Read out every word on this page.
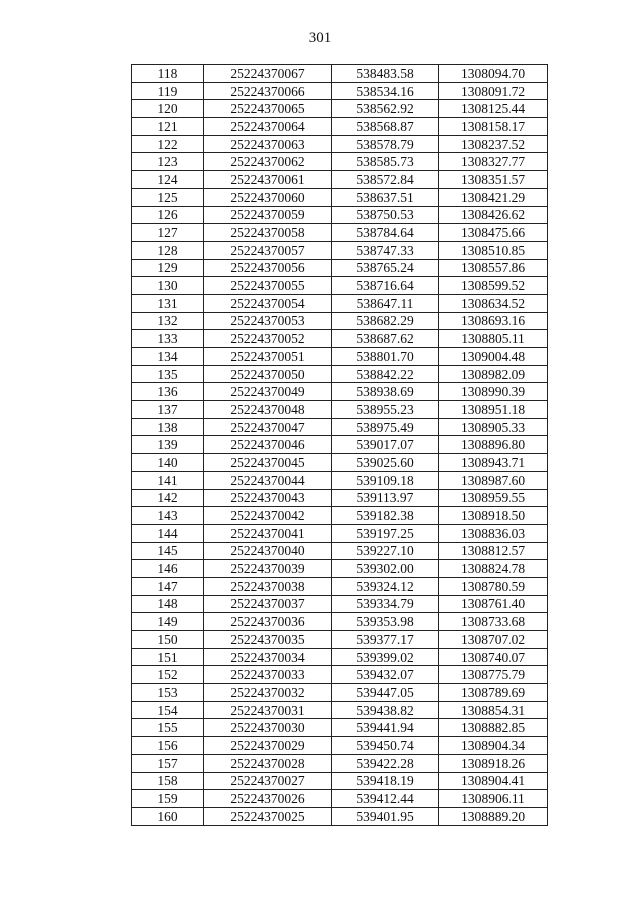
301
118	25224370067	538483.58	1308094.70
119	25224370066	538534.16	1308091.72
120	25224370065	538562.92	1308125.44
121	25224370064	538568.87	1308158.17
122	25224370063	538578.79	1308237.52
123	25224370062	538585.73	1308327.77
124	25224370061	538572.84	1308351.57
125	25224370060	538637.51	1308421.29
126	25224370059	538750.53	1308426.62
127	25224370058	538784.64	1308475.66
128	25224370057	538747.33	1308510.85
129	25224370056	538765.24	1308557.86
130	25224370055	538716.64	1308599.52
131	25224370054	538647.11	1308634.52
132	25224370053	538682.29	1308693.16
133	25224370052	538687.62	1308805.11
134	25224370051	538801.70	1309004.48
135	25224370050	538842.22	1308982.09
136	25224370049	538938.69	1308990.39
137	25224370048	538955.23	1308951.18
138	25224370047	538975.49	1308905.33
139	25224370046	539017.07	1308896.80
140	25224370045	539025.60	1308943.71
141	25224370044	539109.18	1308987.60
142	25224370043	539113.97	1308959.55
143	25224370042	539182.38	1308918.50
144	25224370041	539197.25	1308836.03
145	25224370040	539227.10	1308812.57
146	25224370039	539302.00	1308824.78
147	25224370038	539324.12	1308780.59
148	25224370037	539334.79	1308761.40
149	25224370036	539353.98	1308733.68
150	25224370035	539377.17	1308707.02
151	25224370034	539399.02	1308740.07
152	25224370033	539432.07	1308775.79
153	25224370032	539447.05	1308789.69
154	25224370031	539438.82	1308854.31
155	25224370030	539441.94	1308882.85
156	25224370029	539450.74	1308904.34
157	25224370028	539422.28	1308918.26
158	25224370027	539418.19	1308904.41
159	25224370026	539412.44	1308906.11
160	25224370025	539401.95	1308889.20
